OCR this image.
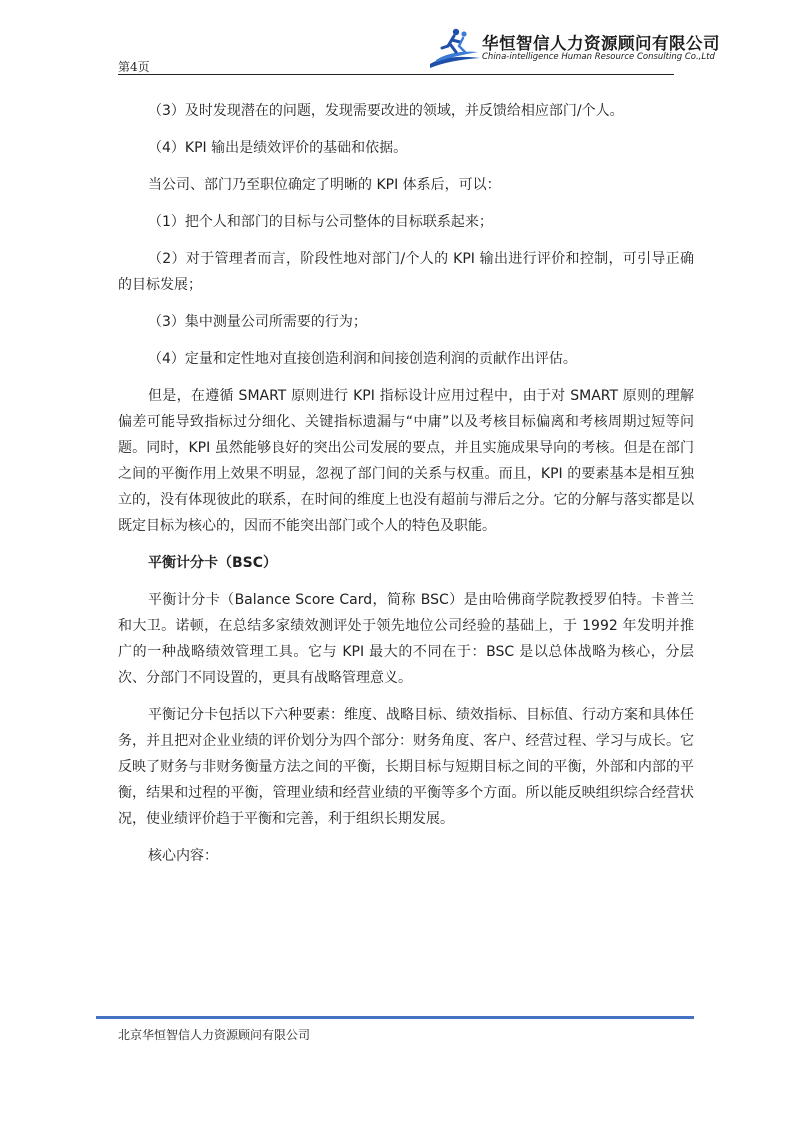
第4页
华恒智信人力资源顾问有限公司
China-intelligence Human Resource Consulting Co.,Ltd

（3）及时发现潜在的问题，发现需要改进的领域，并反馈给相应部门/个人。

（4）KPI 输出是绩效评价的基础和依据。

当公司、部门乃至职位确定了明晰的 KPI 体系后，可以：

（1）把个人和部门的目标与公司整体的目标联系起来；

（2）对于管理者而言，阶段性地对部门/个人的 KPI 输出进行评价和控制，可引导正确的目标发展；

（3）集中测量公司所需要的行为；

（4）定量和定性地对直接创造利润和间接创造利润的贡献作出评估。

但是，在遵循 SMART 原则进行 KPI 指标设计应用过程中，由于对 SMART 原则的理解偏差可能导致指标过分细化、关键指标遗漏与“中庸”以及考核目标偏离和考核周期过短等问题。同时，KPI 虽然能够良好的突出公司发展的要点，并且实施成果导向的考核。但是在部门之间的平衡作用上效果不明显，忽视了部门间的关系与权重。而且，KPI 的要素基本是相互独立的，没有体现彼此的联系，在时间的维度上也没有超前与滞后之分。它的分解与落实都是以既定目标为核心的，因而不能突出部门或个人的特色及职能。

平衡计分卡（BSC）

平衡计分卡（Balance Score Card，简称 BSC）是由哈佛商学院教授罗伯特。卡普兰和大卫。诺顿，在总结多家绩效测评处于领先地位公司经验的基础上，于 1992 年发明并推广的一种战略绩效管理工具。它与 KPI 最大的不同在于：BSC 是以总体战略为核心，分层次、分部门不同设置的，更具有战略管理意义。

平衡记分卡包括以下六种要素：维度、战略目标、绩效指标、目标值、行动方案和具体任务，并且把对企业业绩的评价划分为四个部分：财务角度、客户、经营过程、学习与成长。它反映了财务与非财务衡量方法之间的平衡，长期目标与短期目标之间的平衡，外部和内部的平衡，结果和过程的平衡，管理业绩和经营业绩的平衡等多个方面。所以能反映组织综合经营状况，使业绩评价趋于平衡和完善，利于组织长期发展。

核心内容：

北京华恒智信人力资源顾问有限公司
